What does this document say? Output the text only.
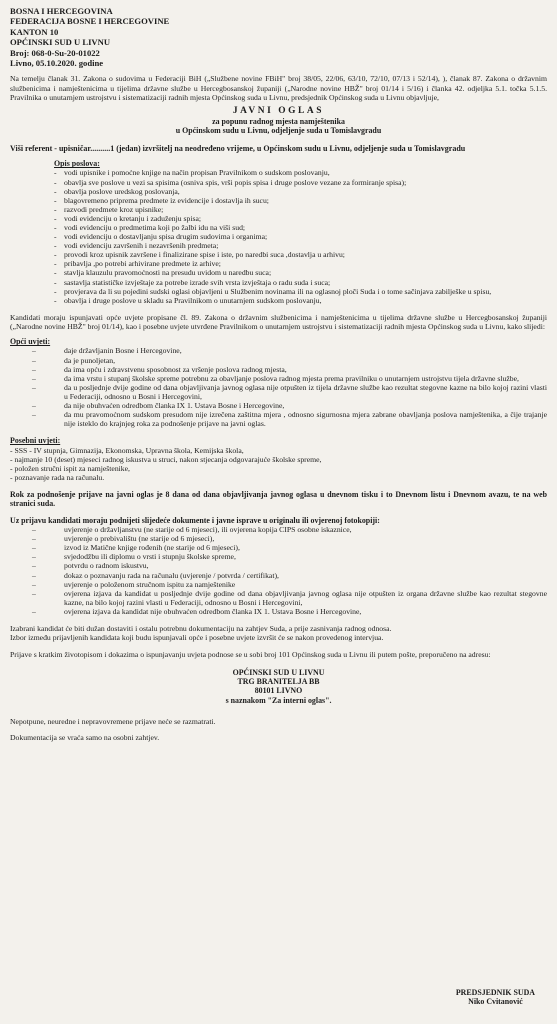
BOSNA I HERCEGOVINA
FEDERACIJA BOSNE I HERCEGOVINE
KANTON 10
OPĆINSKI SUD U LIVNU
Broj: 068-0-Su-20-01022
Livno, 05.10.2020. godine

Na temelju članak 31. Zakona o sudovima u Federaciji BiH („Službene novine FBiH" broj 38/05, 22/06, 63/10, 72/10, 07/13 i 52/14), ), članak 87. Zakona o državnim službenicima i namještenicima u tijelima državne službe u Hercegbosanskoj županiji („Narodne novine HBŽ" broj 01/14 i 5/16) i članka 42. odjeljka 5.1. točka 5.1.5. Pravilnika o unutarnjem ustrojstvu i sistematizaciji radnih mjesta Općinskog suda u Livnu, predsjednik Općinskog suda u Livnu objavljuje,

JAVNI OGLAS
za popunu radnog mjesta namještenika
u Općinskom sudu u Livnu, odjeljenje suda u Tomislavgradu

Viši referent - upisničar..........1 (jedan) izvršitelj na neodređeno vrijeme, u Općinskom sudu u Livnu, odjeljenje suda u Tomislavgradu

Opis poslova:

- vodi upisnike i pomoćne knjige na način propisan Pravilnikom o sudskom poslovanju,
- obavlja sve poslove u vezi sa spisima (osniva spis, vrši popis spisa i druge poslove vezane za formiranje spisa);
- obavlja poslove uredskog poslovanja,
- blagovremeno priprema predmete iz evidencije i dostavlja ih sucu;
- razvodi predmete kroz upisnike;
- vodi evidenciju o kretanju i zaduženju spisa;
- vodi evidenciju o predmetima koji po žalbi idu na viši sud;
- vodi evidenciju o dostavljanju spisa drugim sudovima i organima;
- vodi evidenciju završenih i nezavršenih predmeta;
- provodi kroz upisnik završene i finalizirane spise i iste, po naredbi suca ,dostavlja u arhivu;
- pribavlja ,po potrebi arhivirane predmete iz arhive;
- stavlja klauzulu pravomoćnosti na presudu uvidom u naredbu suca;
- sastavlja statističke izvještaje za potrebe izrade svih vrsta izvještaja o radu suda i suca;
- provjerava da li su pojedini sudski oglasi objavljeni u Službenim novinama ili na oglasnoj ploči Suda i o tome sačinjava zabilješke u spisu,
- obavlja i druge poslove u skladu sa Pravilnikom o unutarnjem sudskom poslovanju,

Kandidati moraju ispunjavati opće uvjete propisane čl. 89. Zakona o državnim službenicima i namještenicima u tijelima državne službe u Hercegbosanskoj županiji („Narodne novine HBŽ" broj 01/14), kao i posebne uvjete utvrđene Pravilnikom o unutarnjem ustrojstvu i sistematizaciji radnih mjesta Općinskog suda u Livnu, kako slijedi:

Opći uvjeti:

– daje državljanin Bosne i Hercegovine,
– da je punoljetan,
– da ima opću i zdravstvenu sposobnost za vršenje poslova radnog mjesta,
– da ima vrstu i stupanj školske spreme potrebnu za obavljanje poslova radnog mjesta prema pravilniku o unutarnjem ustrojstvu tijela državne službe,
– da u posljednje dvije godine od dana objavljivanja javnog oglasa nije otpušten iz tijela državne službe kao rezultat stegovne kazne na bilo kojoj razini vlasti u Federaciji, odnosno u Bosni i Hercegovini,
– da nije obuhvaćen odredbom članka IX 1. Ustava Bosne i Hercegovine,
– da mu pravomoćnom sudskom presudom nije izrečena zaštitna mjera , odnosno sigurnosna mjera zabrane obavljanja poslova namještenika, a čije trajanje nije isteklo do krajnjeg roka za podnošenje prijave na javni oglas.

Posebni uvjeti:

- SSS - IV stupnja, Gimnazija, Ekonomska, Upravna škola, Kemijska škola,
- najmanje 10 (deset) mjeseci radnog iskustva u struci, nakon stjecanja odgovarajuće školske spreme,
- položen stručni ispit za namještenike,
- poznavanje rada na računalu.

Rok za podnošenje prijave na javni oglas je 8 dana od dana objavljivanja javnog oglasa u dnevnom tisku i to Dnevnom listu i Dnevnom avazu, te na web stranici suda.

Uz prijavu kandidati moraju podnijeti slijedeće dokumente i javne isprave u originalu ili ovjerenoj fotokopiji:

– uvjerenje o državljanstvu (ne starije od 6 mjeseci), ili ovjerena kopija CIPS osobne iskaznice,
– uvjerenje o prebivalištu (ne starije od 6 mjeseci),
– izvod iz Matične knjige rođenih (ne starije od 6 mjeseci),
– svjedodžbu ili diplomu o vrsti i stupnju školske spreme,
– potvrdu o radnom iskustvu,
– dokaz o poznavanju rada na računalu (uvjerenje / potvrda / certifikat),
– uvjerenje o položenom stručnom ispitu za namještenike
– ovjerena izjava da kandidat u posljednje dvije godine od dana objavljivanja javnog oglasa nije otpušten iz organa državne službe kao rezultat stegovne kazne, na bilo kojoj razini vlasti u Federaciji, odnosno u Bosni i Hercegovini,
– ovjerena izjava da kandidat nije obuhvaćen odredbom članka IX 1. Ustava Bosne i Hercegovine,

Izabrani kandidat će biti dužan dostaviti i ostalu potrebnu dokumentaciju na zahtjev Suda, a prije zasnivanja radnog odnosa.

Izbor između prijavljenih kandidata koji budu ispunjavali opće i posebne uvjete izvršit će se nakon provedenog intervjua.

Prijave s kratkim životopisom i dokazima o ispunjavanju uvjeta podnose se u sobi broj 101 Općinskog suda u Livnu ili putem pošte, preporučeno na adresu:

OPĆINSKI SUD U LIVNU
TRG BRANITELJA BB
80101 LIVNO
s naznakom "Za interni oglas".

Nepotpune, neuredne i nepravovremene prijave neće se razmatrati.

Dokumentacija se vraća samo na osobni zahtjev.

PREDSJEDNIK SUDA
Niko Cvitanović
